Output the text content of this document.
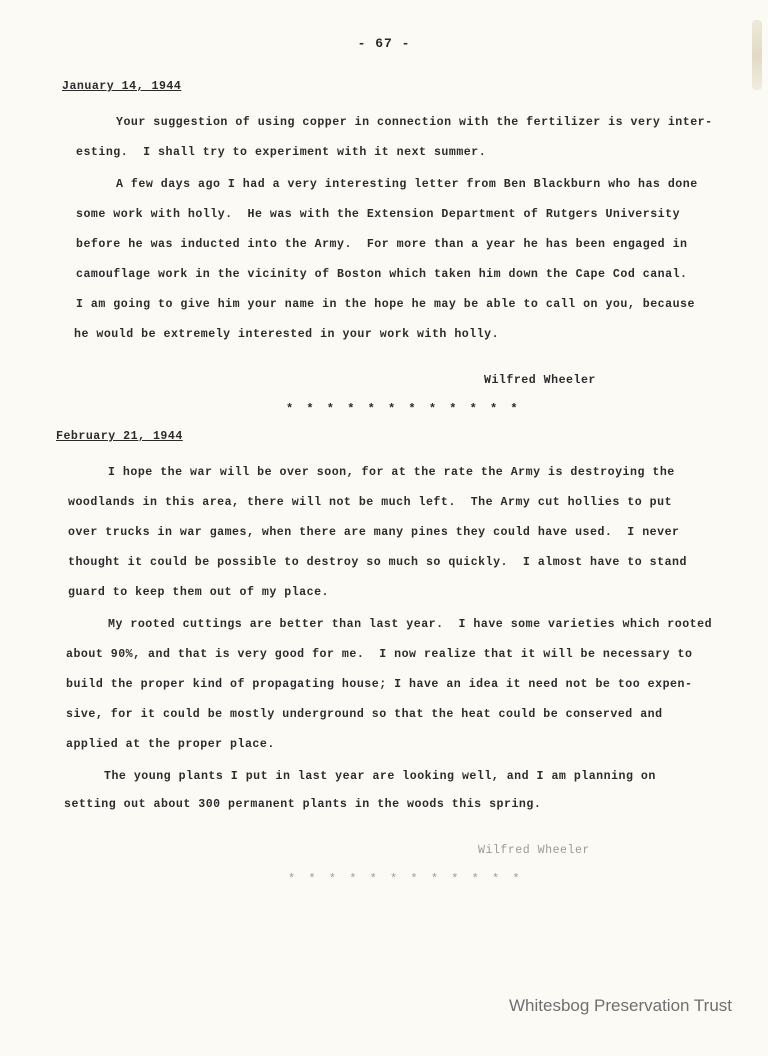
- 67 -
January 14, 1944
Your suggestion of using copper in connection with the fertilizer is very inter-
esting.  I shall try to experiment with it next summer.
A few days ago I had a very interesting letter from Ben Blackburn who has done
some work with holly.  He was with the Extension Department of Rutgers University
before he was inducted into the Army.  For more than a year he has been engaged in
camouflage work in the vicinity of Boston which taken him down the Cape Cod canal.
I am going to give him your name in the hope he may be able to call on you, because
he would be extremely interested in your work with holly.
Wilfred Wheeler
* * * * * * * * * * * *
February 21, 1944
I hope the war will be over soon, for at the rate the Army is destroying the
woodlands in this area, there will not be much left.  The Army cut hollies to put
over trucks in war games, when there are many pines they could have used.  I never
thought it could be possible to destroy so much so quickly.  I almost have to stand
guard to keep them out of my place.
My rooted cuttings are better than last year.  I have some varieties which rooted
about 90%, and that is very good for me.  I now realize that it will be necessary to
build the proper kind of propagating house; I have an idea it need not be too expen-
sive, for it could be mostly underground so that the heat could be conserved and
applied at the proper place.
The young plants I put in last year are looking well, and I am planning on
setting out about 300 permanent plants in the woods this spring.
Wilfred Wheeler
* * * * * * * * * * * *
Whitesbog Preservation Trust
